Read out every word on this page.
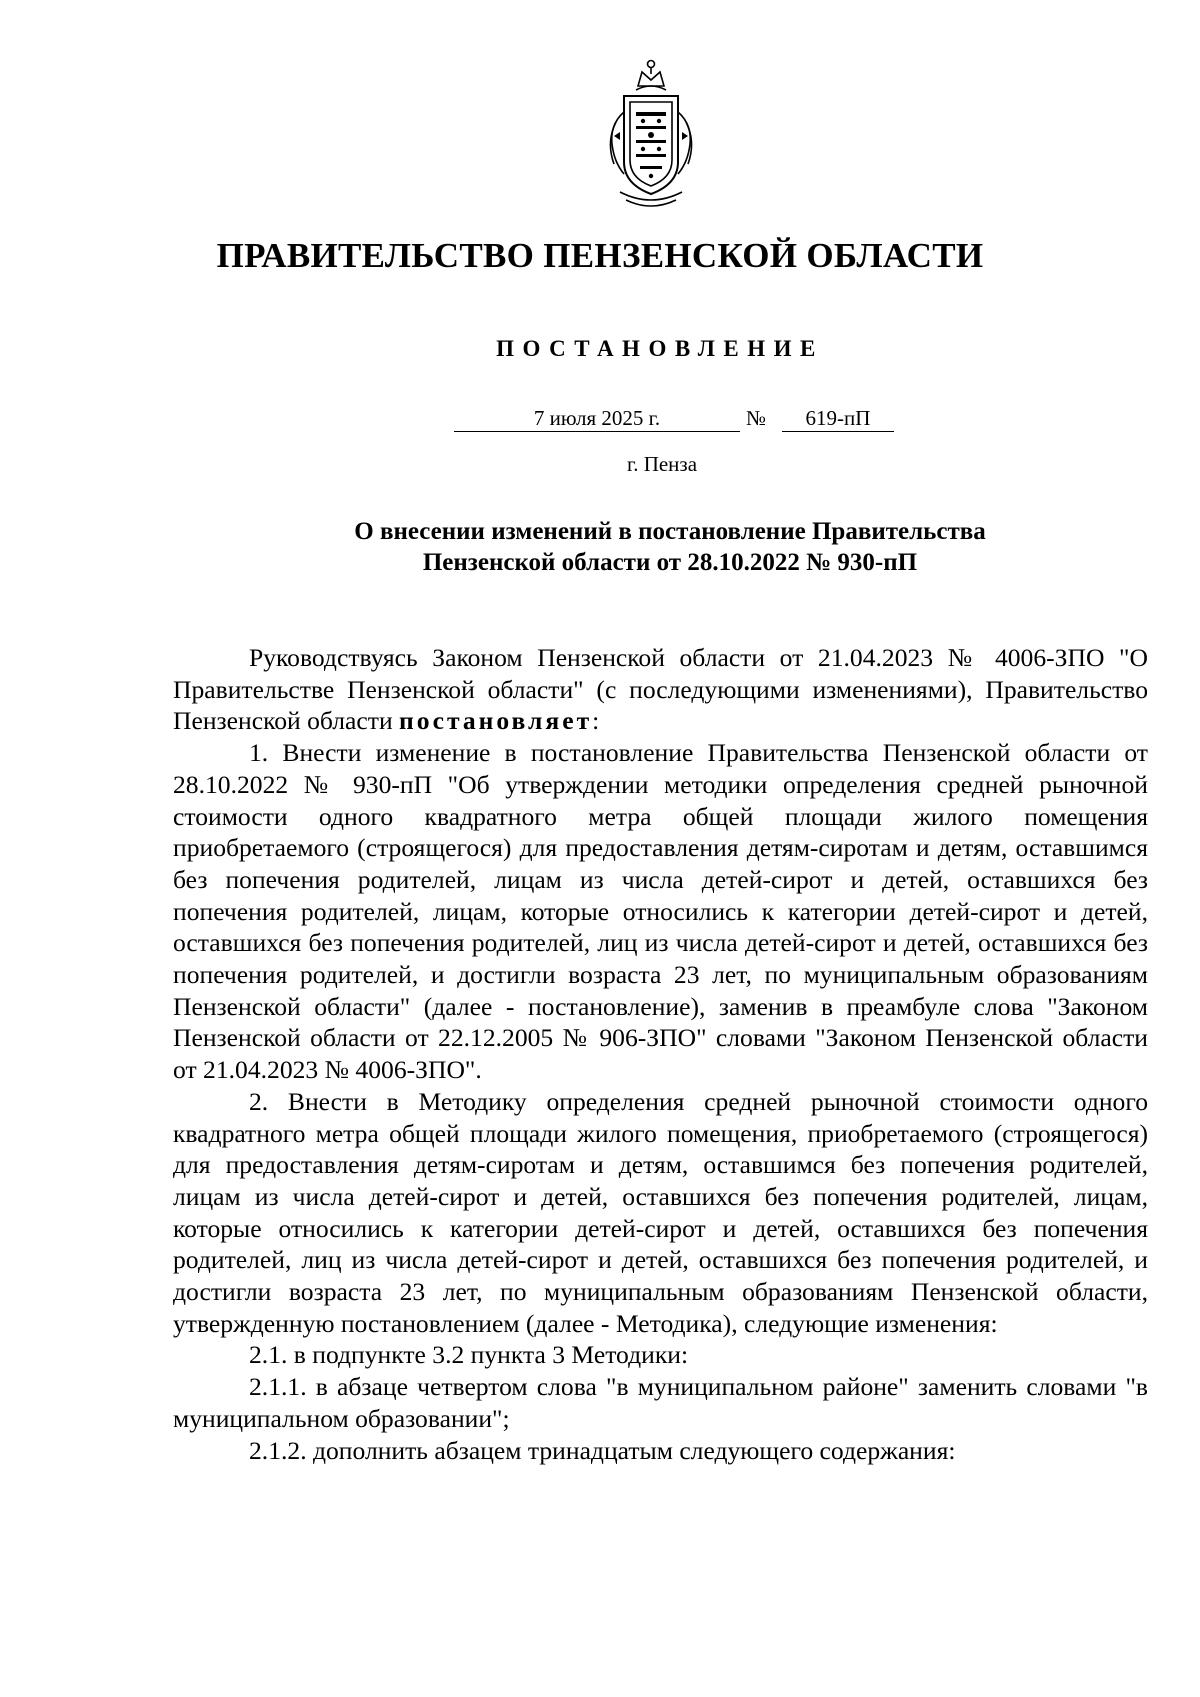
ПРАВИТЕЛЬСТВО ПЕНЗЕНСКОЙ ОБЛАСТИ
ПОСТАНОВЛЕНИЕ
7 июля 2025 г.	№	619-пП
г. Пенза
О внесении изменений в постановление Правительства
Пензенской области от 28.10.2022 № 930-пП

Руководствуясь Законом Пензенской области от 21.04.2023 № 4006-ЗПО "О Правительстве Пензенской области" (с последующими изменениями), Правительство Пензенской области постановляет:

1. Внести изменение в постановление Правительства Пензенской области от 28.10.2022 № 930-пП "Об утверждении методики определения средней рыночной стоимости одного квадратного метра общей площади жилого помещения приобретаемого (строящегося) для предоставления детям-сиротам и детям, оставшимся без попечения родителей, лицам из числа детей-сирот и детей, оставшихся без попечения родителей, лицам, которые относились к категории детей-сирот и детей, оставшихся без попечения родителей, лиц из числа детей-сирот и детей, оставшихся без попечения родителей, и достигли возраста 23 лет, по муниципальным образованиям Пензенской области" (далее - постановление), заменив в преамбуле слова "Законом Пензенской области от 22.12.2005 № 906-ЗПО" словами "Законом Пензенской области от 21.04.2023 № 4006-ЗПО".

2. Внести в Методику определения средней рыночной стоимости одного квадратного метра общей площади жилого помещения, приобретаемого (строящегося) для предоставления детям-сиротам и детям, оставшимся без попечения родителей, лицам из числа детей-сирот и детей, оставшихся без попечения родителей, лицам, которые относились к категории детей-сирот и детей, оставшихся без попечения родителей, лиц из числа детей-сирот и детей, оставшихся без попечения родителей, и достигли возраста 23 лет, по муниципальным образованиям Пензенской области, утвержденную постановлением (далее - Методика), следующие изменения:

2.1. в подпункте 3.2 пункта 3 Методики:

2.1.1. в абзаце четвертом слова "в муниципальном районе" заменить словами "в муниципальном образовании";

2.1.2. дополнить абзацем тринадцатым следующего содержания:
